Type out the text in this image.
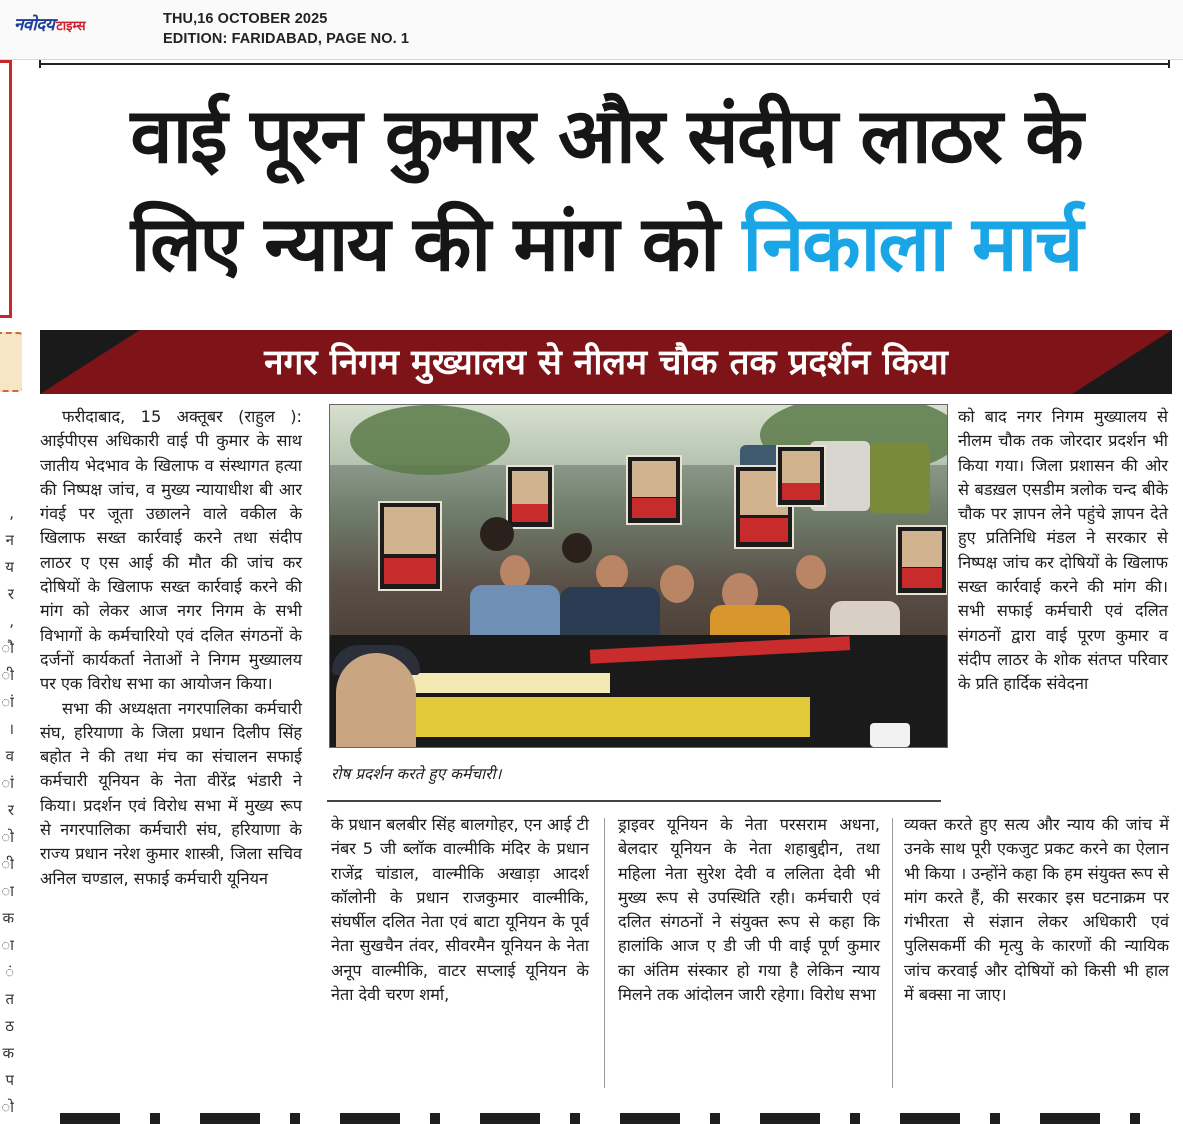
नवोदय टाइम्स	THU,16 OCTOBER 2025
EDITION: FARIDABAD, PAGE NO. 1
, न य र , ौ ी ां । व ां र ो ी ा क ा ं त ठ क प ो
वाई पूरन कुमार और संदीप लाठर के
लिए न्याय की मांग को निकाला मार्च
नगर निगम मुख्यालय से नीलम चौक तक प्रदर्शन किया

फरीदाबाद, 15 अक्तूबर (राहुल ): आईपीएस अधिकारी वाई पी कुमार के साथ जातीय भेदभाव के खिलाफ व संस्थागत हत्या की निष्पक्ष जांच, व मुख्य न्यायाधीश बी आर गंवई पर जूता उछालने वाले वकील के खिलाफ सख्त कार्रवाई करने तथा संदीप लाठर ए एस आई की मौत की जांच कर दोषियों के खिलाफ सख्त कार्रवाई करने की मांग को लेकर आज नगर निगम के सभी विभागों के कर्मचारियो एवं दलित संगठनों के दर्जनों कार्यकर्ता नेताओं ने निगम मुख्यालय पर एक विरोध सभा का आयोजन किया।

सभा की अध्यक्षता नगरपालिका कर्मचारी संघ, हरियाणा के जिला प्रधान दिलीप सिंह बहोत ने की तथा मंच का संचालन सफाई कर्मचारी यूनियन के नेता वीरेंद्र भंडारी ने किया। प्रदर्शन एवं विरोध सभा में मुख्य रूप से नगरपालिका कर्मचारी संघ, हरियाणा के राज्य प्रधान नरेश कुमार शास्त्री, जिला सचिव अनिल चण्डाल, सफाई कर्मचारी यूनियन

रोष प्रदर्शन करते हुए कर्मचारी।

के प्रधान बलबीर सिंह बालगोहर, एन आई टी नंबर 5 जी ब्लॉक वाल्मीकि मंदिर के प्रधान राजेंद्र चांडाल, वाल्मीकि अखाड़ा आदर्श कॉलोनी के प्रधान राजकुमार वाल्मीकि, संघर्षील दलित नेता एवं बाटा यूनियन के पूर्व नेता सुखचैन तंवर, सीवरमैन यूनियन के नेता अनूप वाल्मीकि, वाटर सप्लाई यूनियन के नेता देवी चरण शर्मा,

ड्राइवर यूनियन के नेता परसराम अधना, बेलदार यूनियन के नेता शहाबुद्दीन, तथा महिला नेता सुरेश देवी व ललिता देवी भी मुख्य रूप से उपस्थिति रही। कर्मचारी एवं दलित संगठनों ने संयुक्त रूप से कहा कि हालांकि आज ए डी जी पी वाई पूर्ण कुमार का अंतिम संस्कार हो गया है लेकिन न्याय मिलने तक आंदोलन जारी रहेगा। विरोध सभा

को बाद नगर निगम मुख्यालय से नीलम चौक तक जोरदार प्रदर्शन भी किया गया। जिला प्रशासन की ओर से बडख़ल एसडीम त्रलोक चन्द बीके चौक पर ज्ञापन लेने पहुंचे ज्ञापन देते हुए प्रतिनिधि मंडल ने सरकार से निष्पक्ष जांच कर दोषियों के खिलाफ सख्त कार्रवाई करने की मांग की। सभी सफाई कर्मचारी एवं दलित संगठनों द्वारा वाई पूरण कुमार व संदीप लाठर के शोक संतप्त परिवार के प्रति हार्दिक संवेदना

व्यक्त करते हुए सत्य और न्याय की जांच में उनके साथ पूरी एकजुट प्रकट करने का ऐलान भी किया । उन्होंने कहा कि हम संयुक्त रूप से मांग करते हैं, की सरकार इस घटनाक्रम पर गंभीरता से संज्ञान लेकर अधिकारी एवं पुलिसकर्मी की मृत्यु के कारणों की न्यायिक जांच करवाई और दोषियों को किसी भी हाल में बक्सा ना जाए।
